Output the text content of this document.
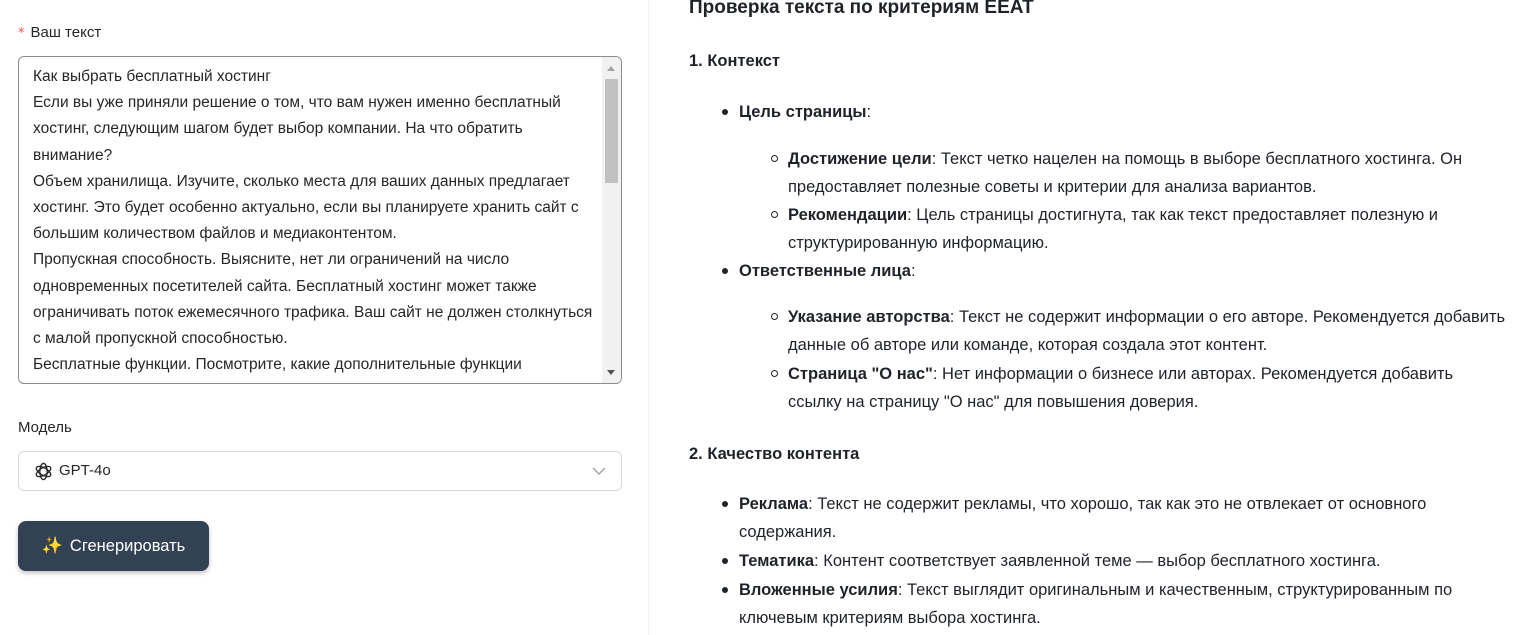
* Ваш текст
Как выбрать бесплатный хостинг
Если вы уже приняли решение о том, что вам нужен именно бесплатный хостинг, следующим шагом будет выбор компании. На что обратить внимание?
Объем хранилища. Изучите, сколько места для ваших данных предлагает хостинг. Это будет особенно актуально, если вы планируете хранить сайт с большим количеством файлов и медиаконтентом.
Пропускная способность. Выясните, нет ли ограничений на число одновременных посетителей сайта. Бесплатный хостинг может также ограничивать поток ежемесячного трафика. Ваш сайт не должен столкнуться с малой пропускной способностью.
Бесплатные функции. Посмотрите, какие дополнительные функции
Модель
GPT-4o
✨ Сгенерировать
Проверка текста по критериям EEAT
1. Контекст
Цель страницы:
Достижение цели: Текст четко нацелен на помощь в выборе бесплатного хостинга. Он предоставляет полезные советы и критерии для анализа вариантов.
Рекомендации: Цель страницы достигнута, так как текст предоставляет полезную и структурированную информацию.
Ответственные лица:
Указание авторства: Текст не содержит информации о его авторе. Рекомендуется добавить данные об авторе или команде, которая создала этот контент.
Страница "О нас": Нет информации о бизнесе или авторах. Рекомендуется добавить ссылку на страницу "О нас" для повышения доверия.
2. Качество контента
Реклама: Текст не содержит рекламы, что хорошо, так как это не отвлекает от основного содержания.
Тематика: Контент соответствует заявленной теме — выбор бесплатного хостинга.
Вложенные усилия: Текст выглядит оригинальным и качественным, структурированным по ключевым критериям выбора хостинга.
